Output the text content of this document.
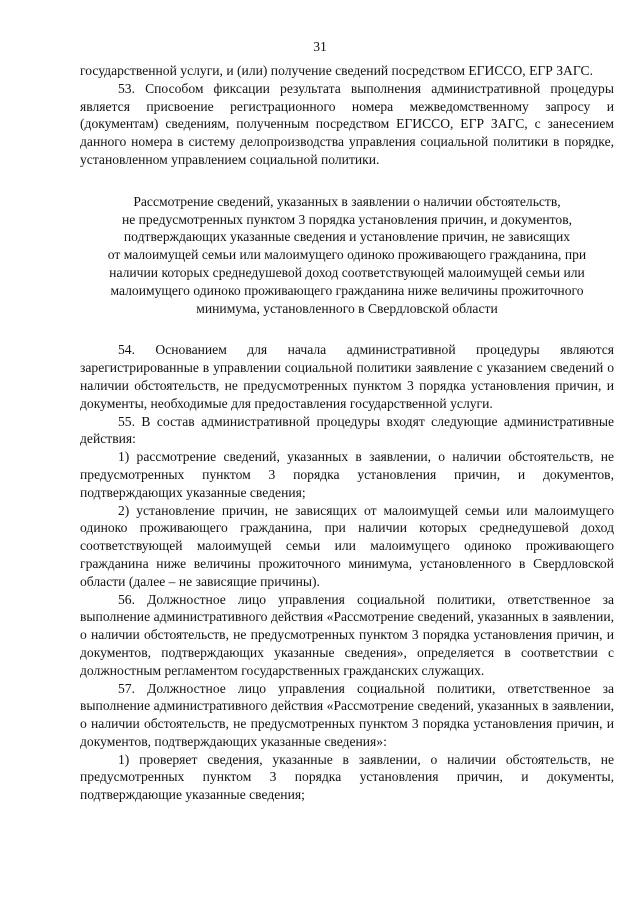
31

государственной услуги, и (или) получение сведений посредством ЕГИССО, ЕГР ЗАГС.

53. Способом фиксации результата выполнения административной процедуры является присвоение регистрационного номера межведомственному запросу и (документам) сведениям, полученным посредством ЕГИССО, ЕГР ЗАГС, с занесением данного номера в систему делопроизводства управления социальной политики в порядке, установленном управлением социальной политики.

Рассмотрение сведений, указанных в заявлении о наличии обстоятельств,
не предусмотренных пунктом 3 порядка установления причин, и документов,
подтверждающих указанные сведения и установление причин, не зависящих
от малоимущей семьи или малоимущего одиноко проживающего гражданина, при
наличии которых среднедушевой доход соответствующей малоимущей семьи или
малоимущего одиноко проживающего гражданина ниже величины прожиточного
минимума, установленного в Свердловской области

54. Основанием для начала административной процедуры являются зарегистрированные в управлении социальной политики заявление с указанием сведений о наличии обстоятельств, не предусмотренных пунктом 3 порядка установления причин, и документы, необходимые для предоставления государственной услуги.

55. В состав административной процедуры входят следующие административные действия:

1) рассмотрение сведений, указанных в заявлении, о наличии обстоятельств, не предусмотренных пунктом 3 порядка установления причин, и документов, подтверждающих указанные сведения;

2) установление причин, не зависящих от малоимущей семьи или малоимущего одиноко проживающего гражданина, при наличии которых среднедушевой доход соответствующей малоимущей семьи или малоимущего одиноко проживающего гражданина ниже величины прожиточного минимума, установленного в Свердловской области (далее – не зависящие причины).

56. Должностное лицо управления социальной политики, ответственное за выполнение административного действия «Рассмотрение сведений, указанных в заявлении, о наличии обстоятельств, не предусмотренных пунктом 3 порядка установления причин, и документов, подтверждающих указанные сведения», определяется в соответствии с должностным регламентом государственных гражданских служащих.

57. Должностное лицо управления социальной политики, ответственное за выполнение административного действия «Рассмотрение сведений, указанных в заявлении, о наличии обстоятельств, не предусмотренных пунктом 3 порядка установления причин, и документов, подтверждающих указанные сведения»:

1) проверяет сведения, указанные в заявлении, о наличии обстоятельств, не предусмотренных пунктом 3 порядка установления причин, и документы, подтверждающие указанные сведения;
